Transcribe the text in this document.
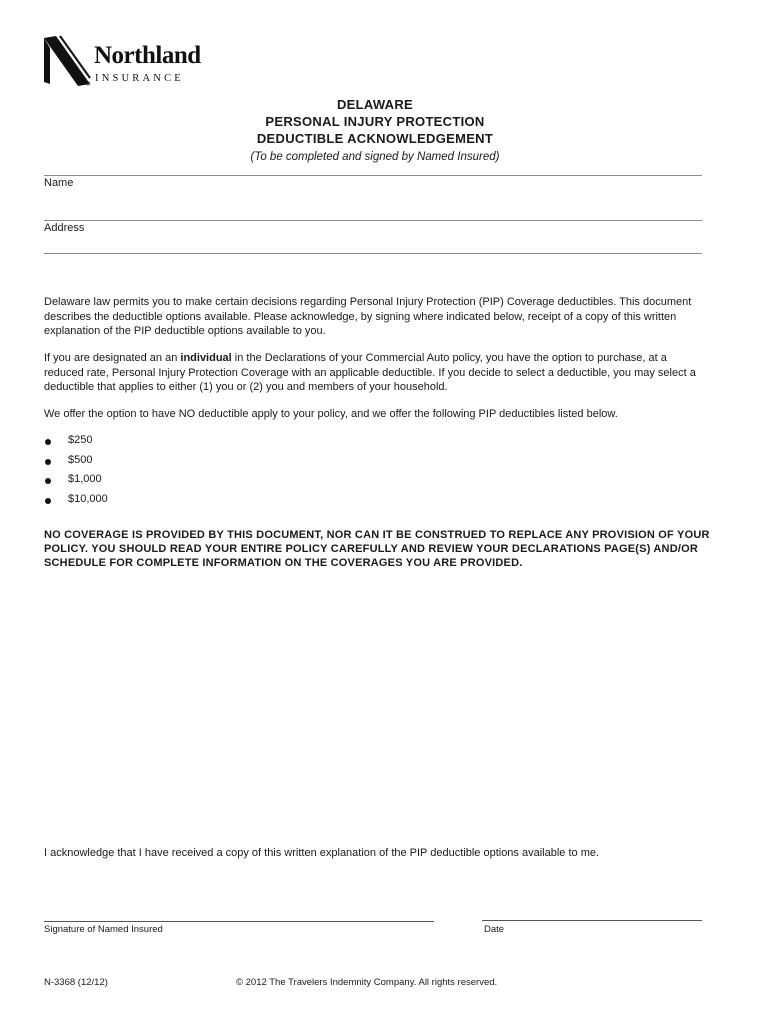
Northland
INSURANCE
®
DELAWARE
PERSONAL INJURY PROTECTION
DEDUCTIBLE ACKNOWLEDGEMENT
(To be completed and signed by Named Insured)
Name
Address
Delaware law permits you to make certain decisions regarding Personal Injury Protection (PIP) Coverage deductibles. This document describes the deductible options available. Please acknowledge, by signing where indicated below, receipt of a copy of this written explanation of the PIP deductible options available to you.
If you are designated an an individual in the Declarations of your Commercial Auto policy, you have the option to purchase, at a reduced rate, Personal Injury Protection Coverage with an applicable deductible. If you decide to select a deductible, you may select a deductible that applies to either (1) you or (2) you and members of your household.
We offer the option to have NO deductible apply to your policy, and we offer the following PIP deductibles listed below.
$250
$500
$1,000
$10,000
NO COVERAGE IS PROVIDED BY THIS DOCUMENT, NOR CAN IT BE CONSTRUED TO REPLACE ANY PROVISION OF YOUR POLICY. YOU SHOULD READ YOUR ENTIRE POLICY CAREFULLY AND REVIEW YOUR DECLARATIONS PAGE(S) AND/OR SCHEDULE FOR COMPLETE INFORMATION ON THE COVERAGES YOU ARE PROVIDED.
I acknowledge that I have received a copy of this written explanation of the PIP deductible options available to me.
Signature of Named Insured	Date
N-3368 (12/12)	© 2012 The Travelers Indemnity Company. All rights reserved.
